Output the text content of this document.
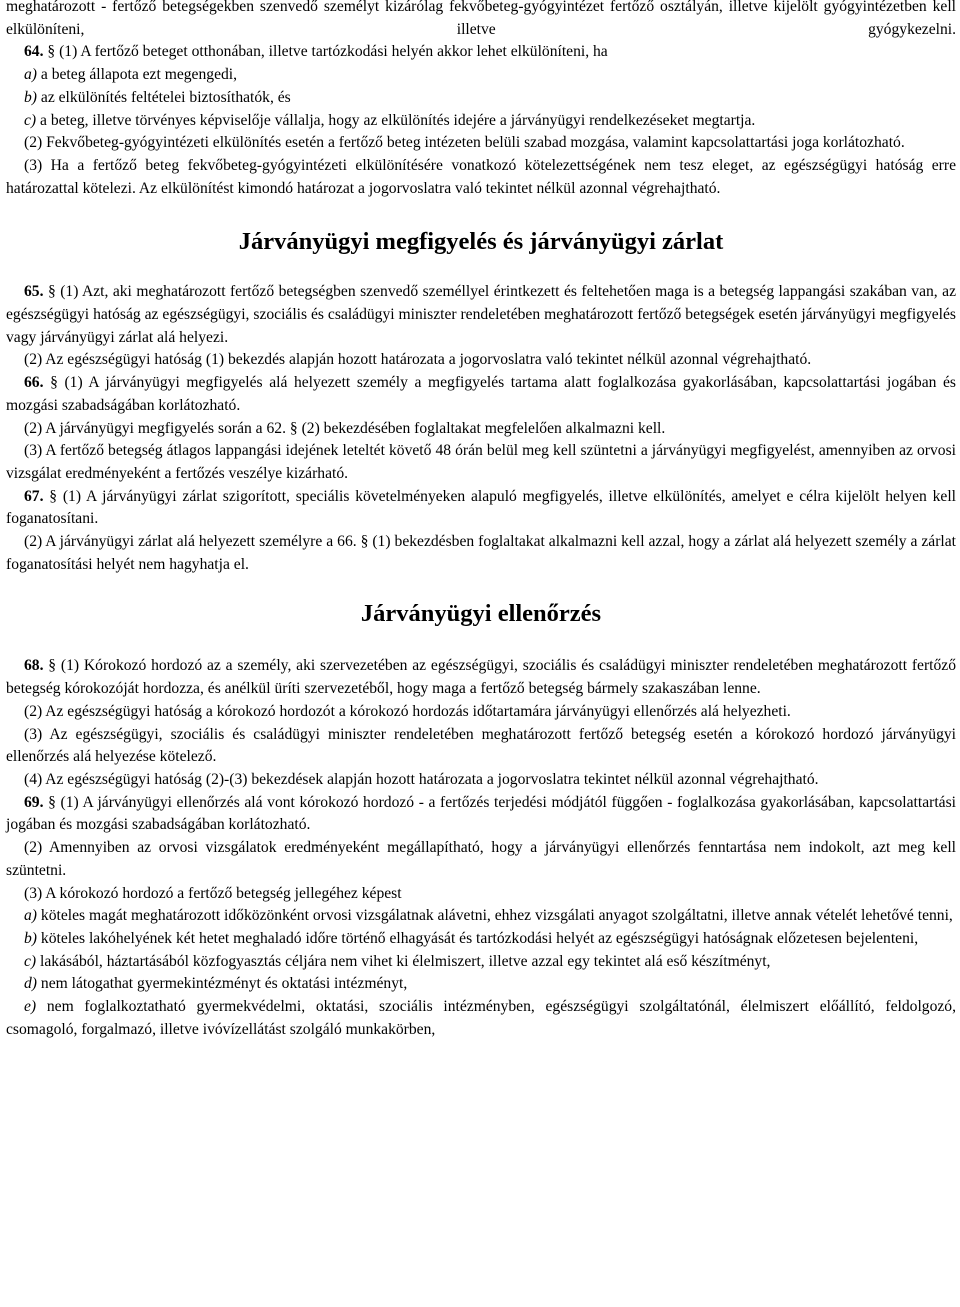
meghatározott - fertőző betegségekben szenvedő személyt kizárólag fekvőbeteg-gyógyintézet fertőző osztályán, illetve kijelölt gyógyintézetben kell elkülöníteni, illetve gyógykezelni.

64. § (1) A fertőző beteget otthonában, illetve tartózkodási helyén akkor lehet elkülöníteni, ha

a) a beteg állapota ezt megengedi,

b) az elkülönítés feltételei biztosíthatók, és

c) a beteg, illetve törvényes képviselője vállalja, hogy az elkülönítés idejére a járványügyi rendelkezéseket megtartja.

(2) Fekvőbeteg-gyógyintézeti elkülönítés esetén a fertőző beteg intézeten belüli szabad mozgása, valamint kapcsolattartási joga korlátozható.

(3) Ha a fertőző beteg fekvőbeteg-gyógyintézeti elkülönítésére vonatkozó kötelezettségének nem tesz eleget, az egészségügyi hatóság erre határozattal kötelezi. Az elkülönítést kimondó határozat a jogorvoslatra való tekintet nélkül azonnal végrehajtható.

Járványügyi megfigyelés és járványügyi zárlat

65. § (1) Azt, aki meghatározott fertőző betegségben szenvedő személlyel érintkezett és feltehetően maga is a betegség lappangási szakában van, az egészségügyi hatóság az egészségügyi, szociális és családügyi miniszter rendeletében meghatározott fertőző betegségek esetén járványügyi megfigyelés vagy járványügyi zárlat alá helyezi.

(2) Az egészségügyi hatóság (1) bekezdés alapján hozott határozata a jogorvoslatra való tekintet nélkül azonnal végrehajtható.

66. § (1) A járványügyi megfigyelés alá helyezett személy a megfigyelés tartama alatt foglalkozása gyakorlásában, kapcsolattartási jogában és mozgási szabadságában korlátozható.

(2) A járványügyi megfigyelés során a 62. § (2) bekezdésében foglaltakat megfelelően alkalmazni kell.

(3) A fertőző betegség átlagos lappangási idejének leteltét követő 48 órán belül meg kell szüntetni a járványügyi megfigyelést, amennyiben az orvosi vizsgálat eredményeként a fertőzés veszélye kizárható.

67. § (1) A járványügyi zárlat szigorított, speciális követelményeken alapuló megfigyelés, illetve elkülönítés, amelyet e célra kijelölt helyen kell foganatosítani.

(2) A járványügyi zárlat alá helyezett személyre a 66. § (1) bekezdésben foglaltakat alkalmazni kell azzal, hogy a zárlat alá helyezett személy a zárlat foganatosítási helyét nem hagyhatja el.

Járványügyi ellenőrzés

68. § (1) Kórokozó hordozó az a személy, aki szervezetében az egészségügyi, szociális és családügyi miniszter rendeletében meghatározott fertőző betegség kórokozóját hordozza, és anélkül üríti szervezetéből, hogy maga a fertőző betegség bármely szakaszában lenne.

(2) Az egészségügyi hatóság a kórokozó hordozót a kórokozó hordozás időtartamára járványügyi ellenőrzés alá helyezheti.

(3) Az egészségügyi, szociális és családügyi miniszter rendeletében meghatározott fertőző betegség esetén a kórokozó hordozó járványügyi ellenőrzés alá helyezése kötelező.

(4) Az egészségügyi hatóság (2)-(3) bekezdések alapján hozott határozata a jogorvoslatra tekintet nélkül azonnal végrehajtható.

69. § (1) A járványügyi ellenőrzés alá vont kórokozó hordozó - a fertőzés terjedési módjától függően - foglalkozása gyakorlásában, kapcsolattartási jogában és mozgási szabadságában korlátozható.

(2) Amennyiben az orvosi vizsgálatok eredményeként megállapítható, hogy a járványügyi ellenőrzés fenntartása nem indokolt, azt meg kell szüntetni.

(3) A kórokozó hordozó a fertőző betegség jellegéhez képest

a) köteles magát meghatározott időközönként orvosi vizsgálatnak alávetni, ehhez vizsgálati anyagot szolgáltatni, illetve annak vételét lehetővé tenni,

b) köteles lakóhelyének két hetet meghaladó időre történő elhagyását és tartózkodási helyét az egészségügyi hatóságnak előzetesen bejelenteni,

c) lakásából, háztartásából közfogyasztás céljára nem vihet ki élelmiszert, illetve azzal egy tekintet alá eső készítményt,

d) nem látogathat gyermekintézményt és oktatási intézményt,

e) nem foglalkoztatható gyermekvédelmi, oktatási, szociális intézményben, egészségügyi szolgáltatónál, élelmiszert előállító, feldolgozó, csomagoló, forgalmazó, illetve ivóvízellátást szolgáló munkakörben,
